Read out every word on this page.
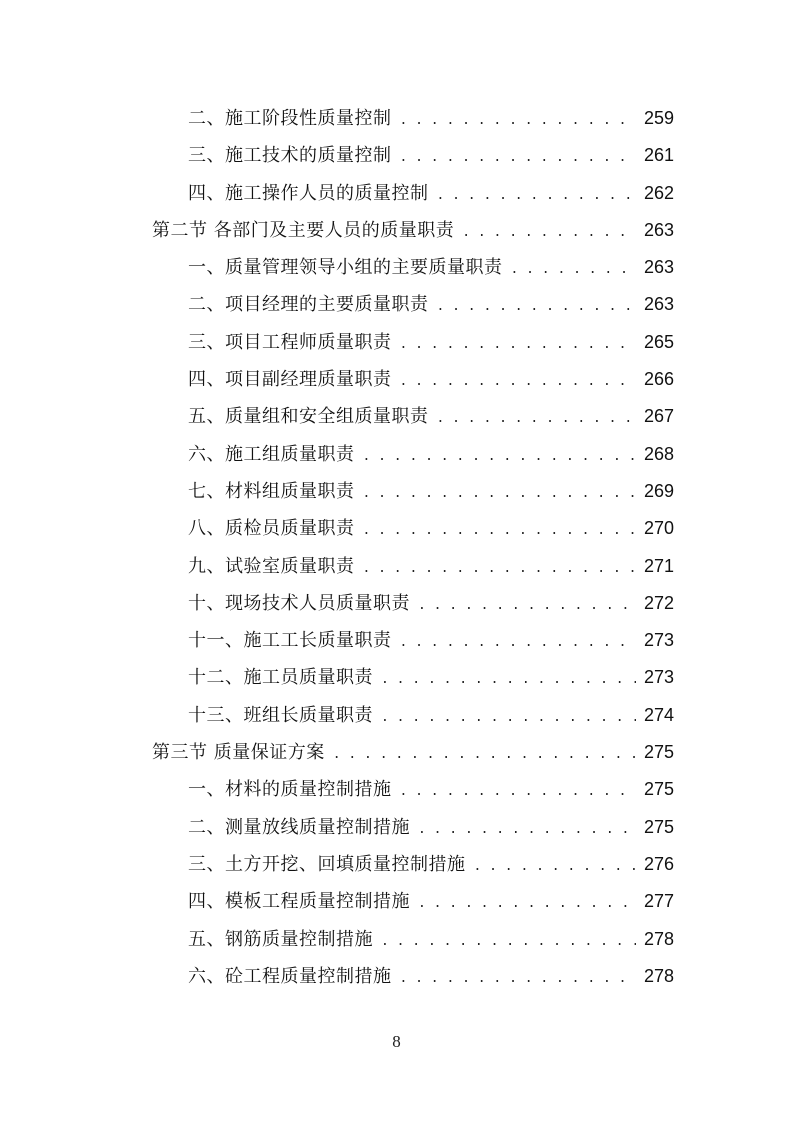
二、施工阶段性质量控制 . . .	259
三、施工技术的质量控制 . . .	261
四、施工操作人员的质量控制 . . .	262
第二节 各部门及主要人员的质量职责 . . .	263
一、质量管理领导小组的主要质量职责 . . .	263
二、项目经理的主要质量职责 . . .	263
三、项目工程师质量职责 . . .	265
四、项目副经理质量职责 . . .	266
五、质量组和安全组质量职责 . . .	267
六、施工组质量职责 . . .	268
七、材料组质量职责 . . .	269
八、质检员质量职责 . . .	270
九、试验室质量职责 . . .	271
十、现场技术人员质量职责 . . .	272
十一、施工工长质量职责 . . .	273
十二、施工员质量职责 . . .	273
十三、班组长质量职责 . . .	274
第三节 质量保证方案 . . .	275
一、材料的质量控制措施 . . .	275
二、测量放线质量控制措施 . . .	275
三、土方开挖、回填质量控制措施 . . .	276
四、模板工程质量控制措施 . . .	277
五、钢筋质量控制措施 . . .	278
六、砼工程质量控制措施 . . .	278
8
